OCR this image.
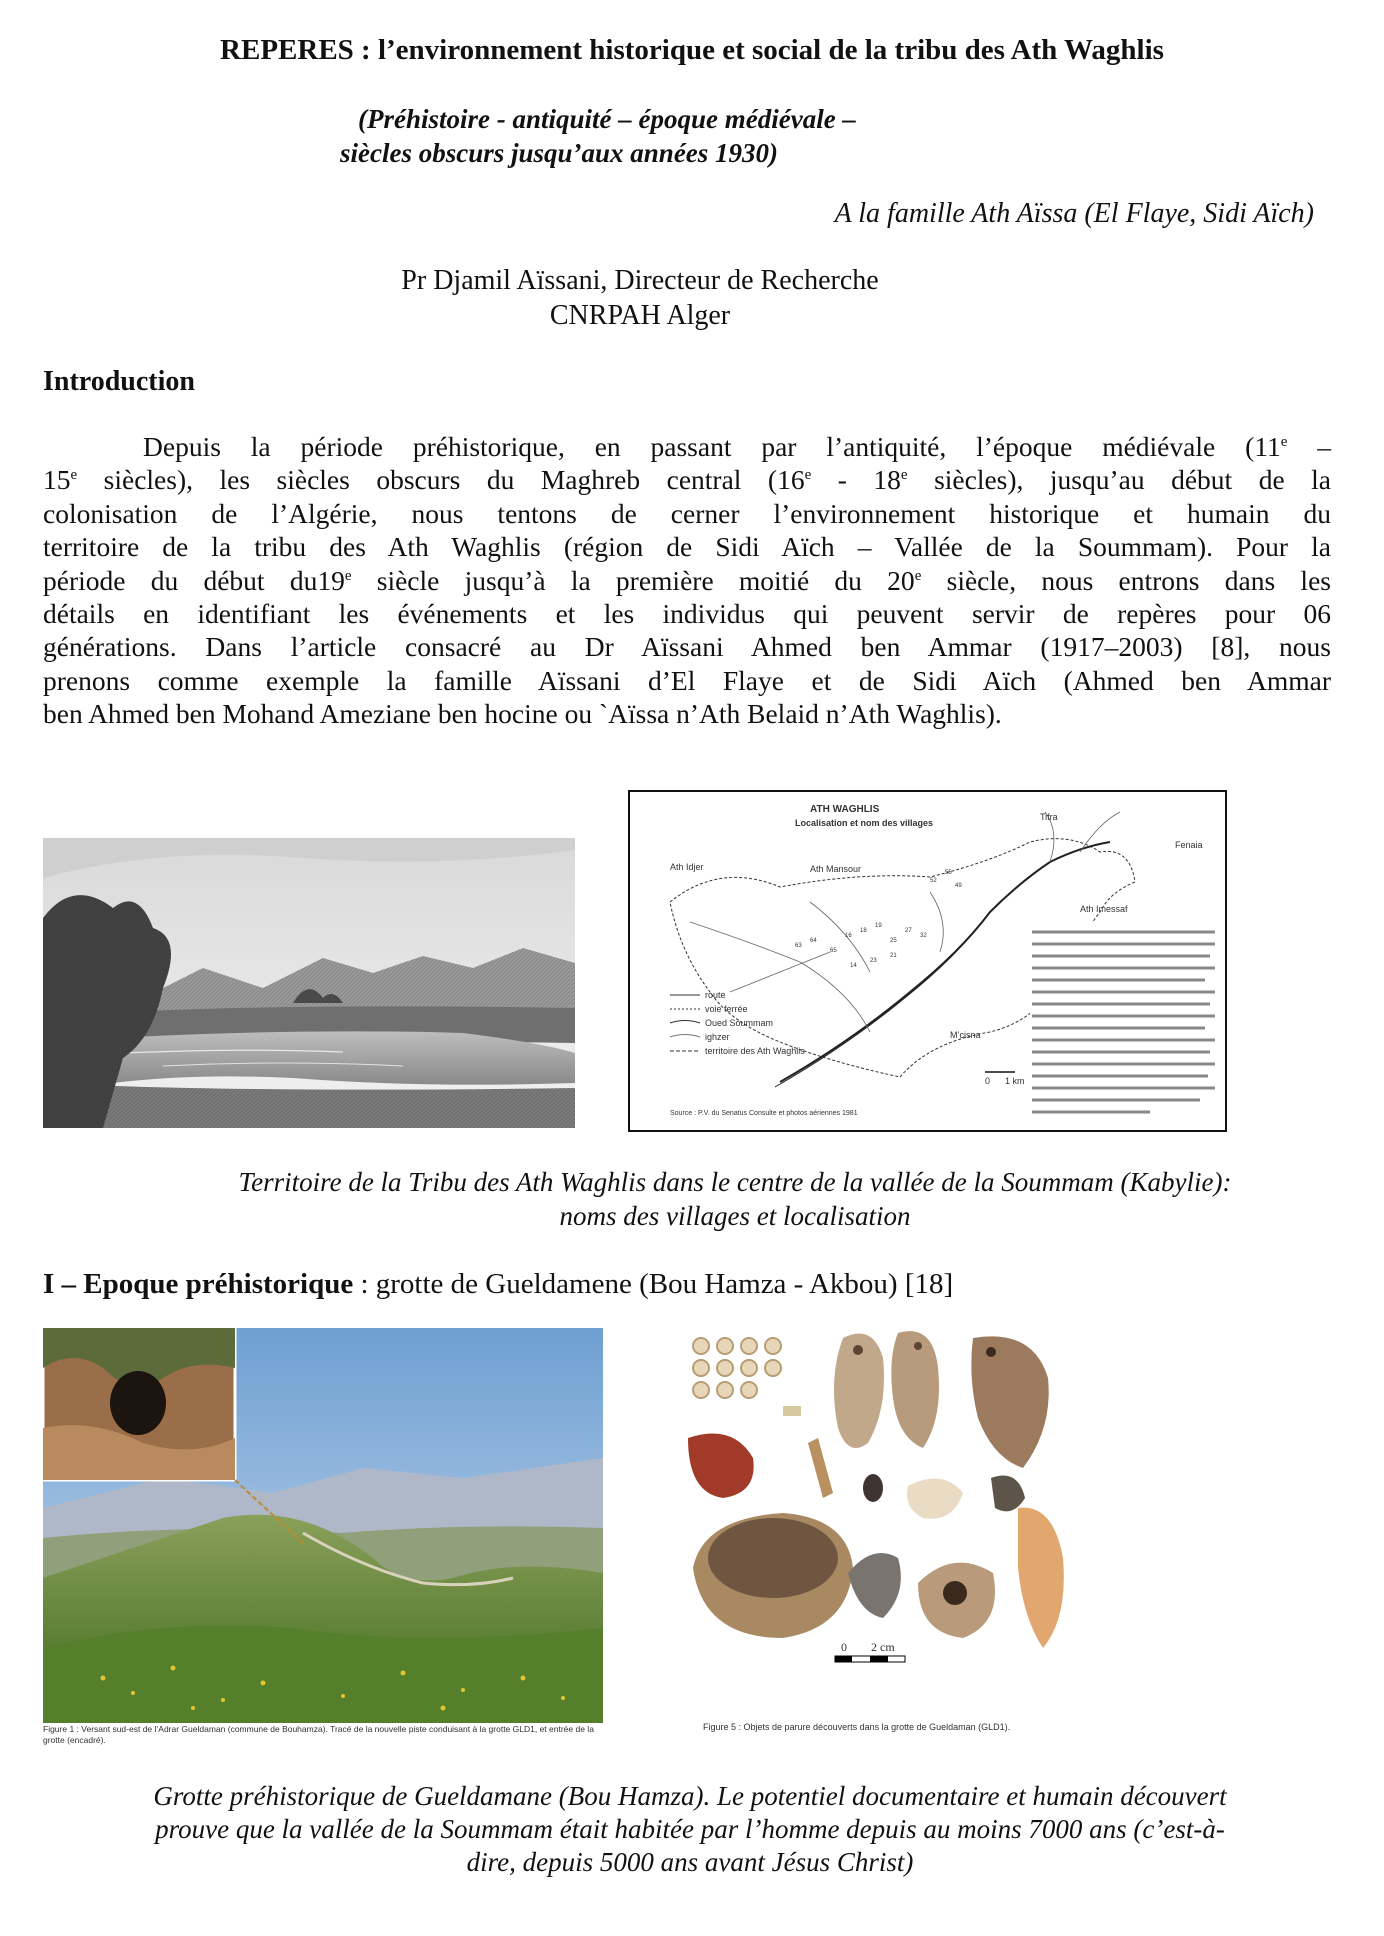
REPERES : l’environnement historique et social de la tribu des Ath Waghlis
(Préhistoire - antiquité – époque médiévale –
siècles obscurs jusqu’aux années 1930)
A la famille Ath Aïssa (El Flaye, Sidi Aïch)
Pr Djamil Aïssani, Directeur de Recherche
CNRPAH Alger
Introduction
Depuis la période préhistorique, en passant par l’antiquité, l’époque médiévale (11e –
15e siècles), les siècles obscurs du Maghreb central (16e - 18e siècles), jusqu’au début de la
colonisation de l’Algérie, nous tentons de cerner l’environnement historique et humain du
territoire de la tribu des Ath Waghlis (région de Sidi Aïch – Vallée de la Soummam). Pour la
période du début du19e siècle jusqu’à la première moitié du 20e siècle, nous entrons dans les
détails en identifiant les événements et les individus qui peuvent servir de repères pour 06
générations. Dans l’article consacré au Dr Aïssani Ahmed ben Ammar (1917–2003) [8], nous
prenons comme exemple la famille Aïssani d’El Flaye et de Sidi Aïch (Ahmed ben Ammar
ben Ahmed ben Mohand Ameziane ben hocine ou `Aïssa n’Ath Belaid n’Ath Waghlis).
63
64
65
16
18
19
25
27
32
52
55
49
14
23
21
ATH WAGHLIS
Localisation et nom des villages
Ath Idjer	Ath Mansour
Tifra
Fenaia
Ath Imessaf
M’cisna
route
voie ferrée
Oued Soummam
ighzer
territoire des Ath Waghlis
0      1 km
Source : P.V. du Senatus Consulte et photos aériennes 1981
Territoire de la Tribu des Ath Waghlis dans le centre de la vallée de la Soummam (Kabylie):
noms des villages et localisation
I – Epoque préhistorique : grotte de Gueldamene (Bou Hamza - Akbou) [18]
Figure 1 : Versant sud-est de l’Adrar Gueldaman (commune de Bouhamza). Tracé de la nouvelle piste conduisant à la grotte GLD1, et entrée de la grotte (encadré).
0        2 cm
Figure 5 : Objets de parure découverts dans la grotte de Gueldaman (GLD1).
Grotte préhistorique de Gueldamane (Bou Hamza). Le potentiel documentaire et humain découvert
prouve que la vallée de la Soummam était habitée par l’homme depuis au moins 7000 ans (c’est-à-
dire, depuis 5000 ans avant Jésus Christ)
